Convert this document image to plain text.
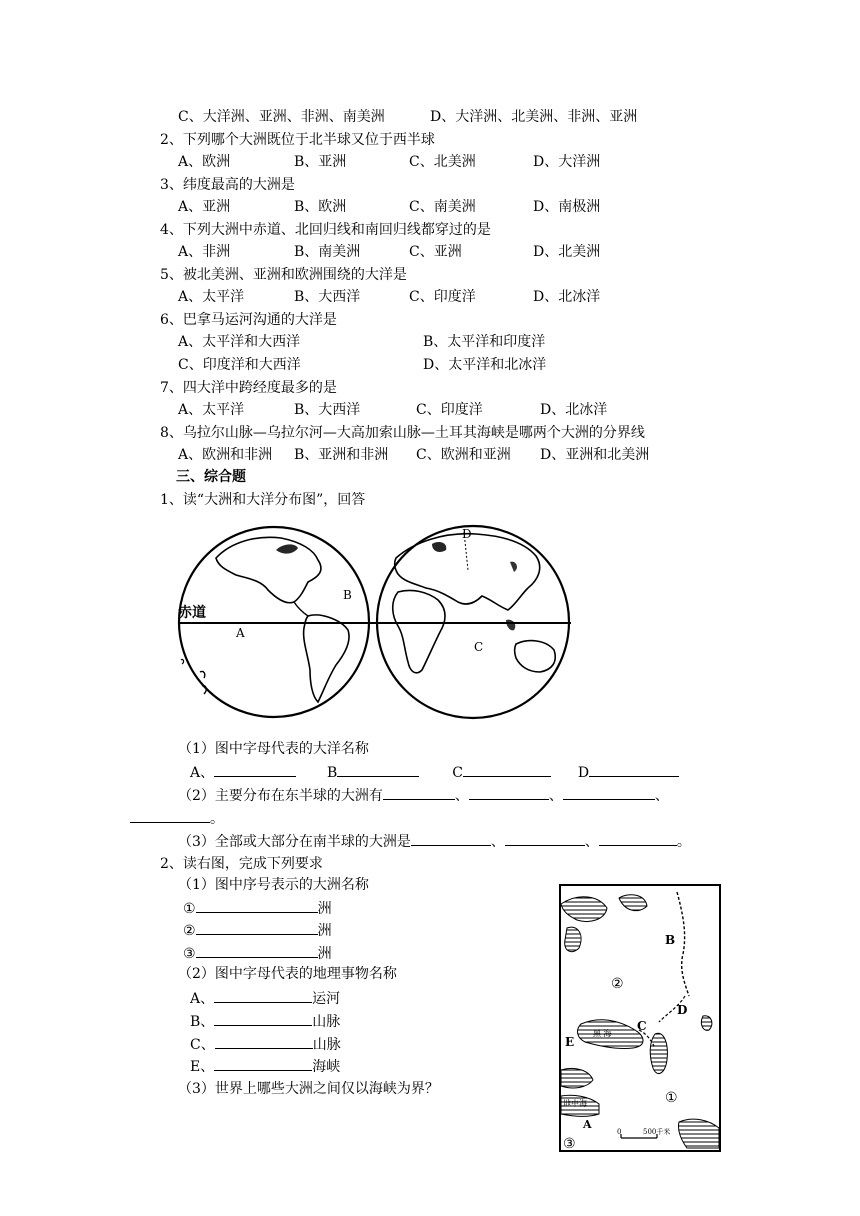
C、大洋洲、亚洲、非洲、南美洲	D、大洋洲、北美洲、非洲、亚洲
2、下列哪个大洲既位于北半球又位于西半球
A、欧洲	B、亚洲	C、北美洲	D、大洋洲
3、纬度最高的大洲是
A、亚洲	B、欧洲	C、南美洲	D、南极洲
4、下列大洲中赤道、北回归线和南回归线都穿过的是
A、非洲	B、南美洲	C、亚洲	D、北美洲
5、被北美洲、亚洲和欧洲围绕的大洋是
A、太平洋	B、大西洋	C、印度洋	D、北冰洋
6、巴拿马运河沟通的大洋是
A、太平洋和大西洋	B、太平洋和印度洋
C、印度洋和大西洋	D、太平洋和北冰洋
7、四大洋中跨经度最多的是
A、太平洋	B、大西洋	C、印度洋	D、北冰洋
8、乌拉尔山脉—乌拉尔河—大高加索山脉—土耳其海峡是哪两个大洲的分界线
A、欧洲和非洲 B、亚洲和非洲 C、欧洲和亚洲 D、亚洲和北美洲
三、综合题
1、读“大洲和大洋分布图”，回答
赤道
A
B
C
D
（1）图中字母代表的大洋名称
A、	B	C	D
（2）主要分布在东半球的大洲有	、	、	、
。
（3）全部或大部分在南半球的大洲是	、	、	。
2、读右图，完成下列要求
（1）图中序号表示的大洲名称
①	洲
②	洲
③	洲
（2）图中字母代表的地理事物名称
A、	运河
B、	山脉
C、	山脉
E、	海峡
（3）世界上哪些大洲之间仅以海峡为界？
B
②
D
C
E
①
③
A
黑 海
地中海
0	500千米
